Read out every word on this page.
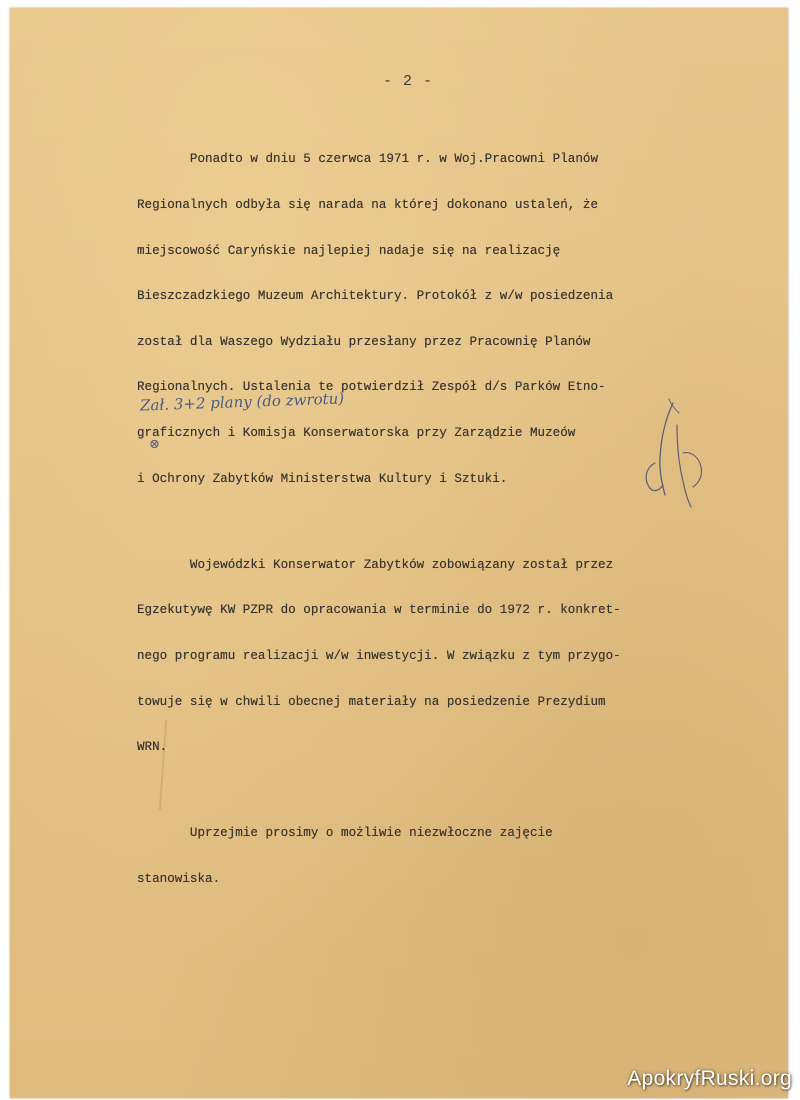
- 2 -

Ponadto w dniu 5 czerwca 1971 r. w Woj.Pracowni Planów

Regionalnych odbyła się narada na której dokonano ustaleń, że

miejscowość Caryńskie najlepiej nadaje się na realizację

Bieszczadzkiego Muzeum Architektury. Protokół z w/w posiedzenia

został dla Waszego Wydziału przesłany przez Pracownię Planów

Regionalnych. Ustalenia te potwierdził Zespół d/s Parków Etno-

graficznych i Komisja Konserwatorska przy Zarządzie Muzeów

i Ochrony Zabytków Ministerstwa Kultury i Sztuki.

Wojewódzki Konserwator Zabytków zobowiązany został przez

Egzekutywę KW PZPR do opracowania w terminie do 1972 r. konkret-

nego programu realizacji w/w inwestycji. W związku z tym przygo-

towuje się w chwili obecnej materiały na posiedzenie Prezydium

WRN.

Uprzejmie prosimy o możliwie niezwłoczne zajęcie

stanowiska.

Zał. 3+2 plany (do zwrotu)
⊗
ApokryfRuski.org
